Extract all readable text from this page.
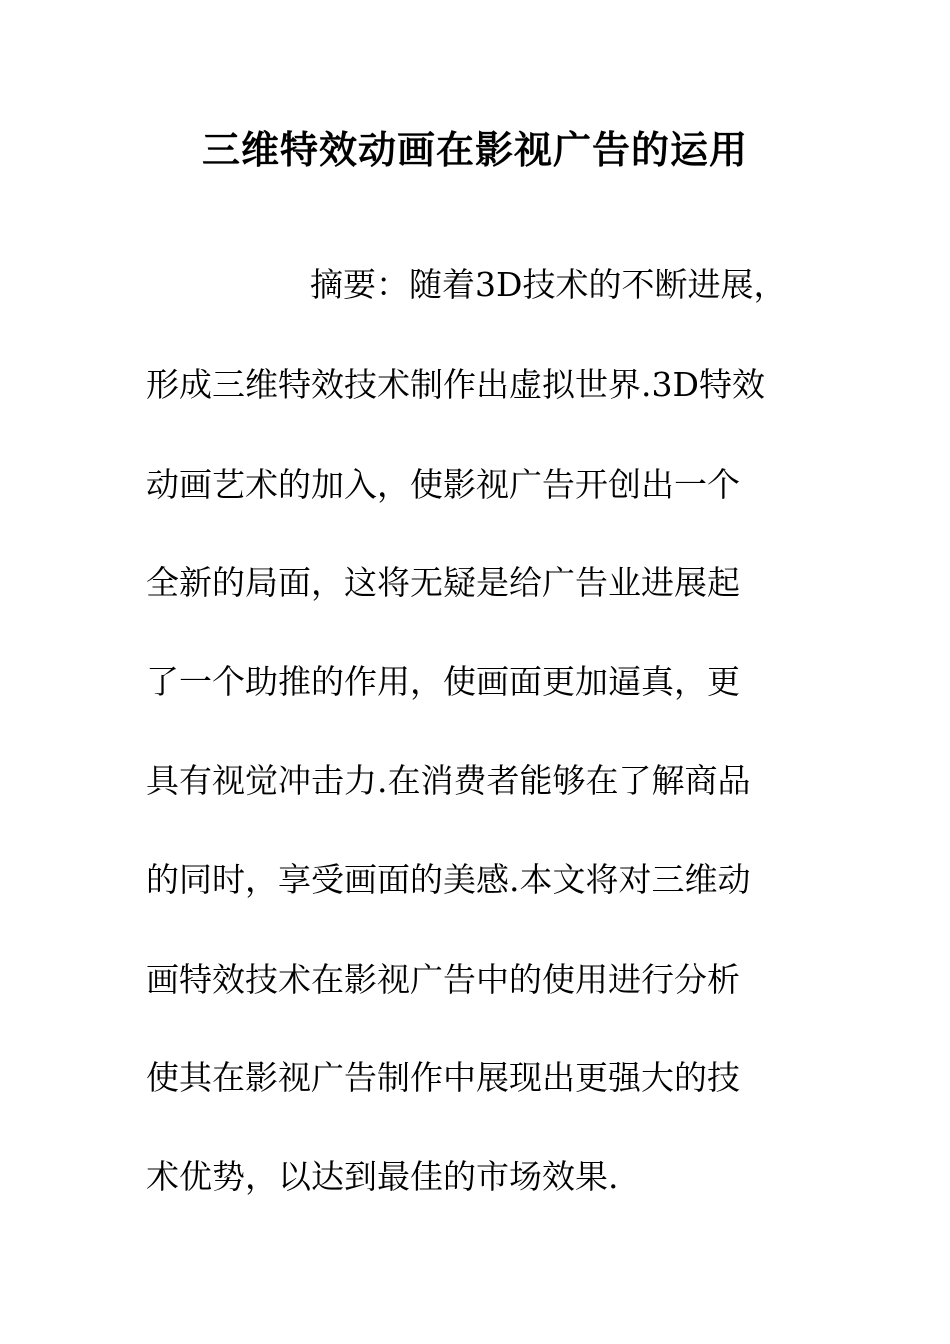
三维特效动画在影视广告的运用

摘要：随着3D技术的不断进展，

形成三维特效技术制作出虚拟世界.3D特效

动画艺术的加入，使影视广告开创出一个

全新的局面，这将无疑是给广告业进展起

了一个助推的作用，使画面更加逼真，更

具有视觉冲击力.在消费者能够在了解商品

的同时，享受画面的美感.本文将对三维动

画特效技术在影视广告中的使用进行分析

使其在影视广告制作中展现出更强大的技

术优势，以达到最佳的市场效果.
